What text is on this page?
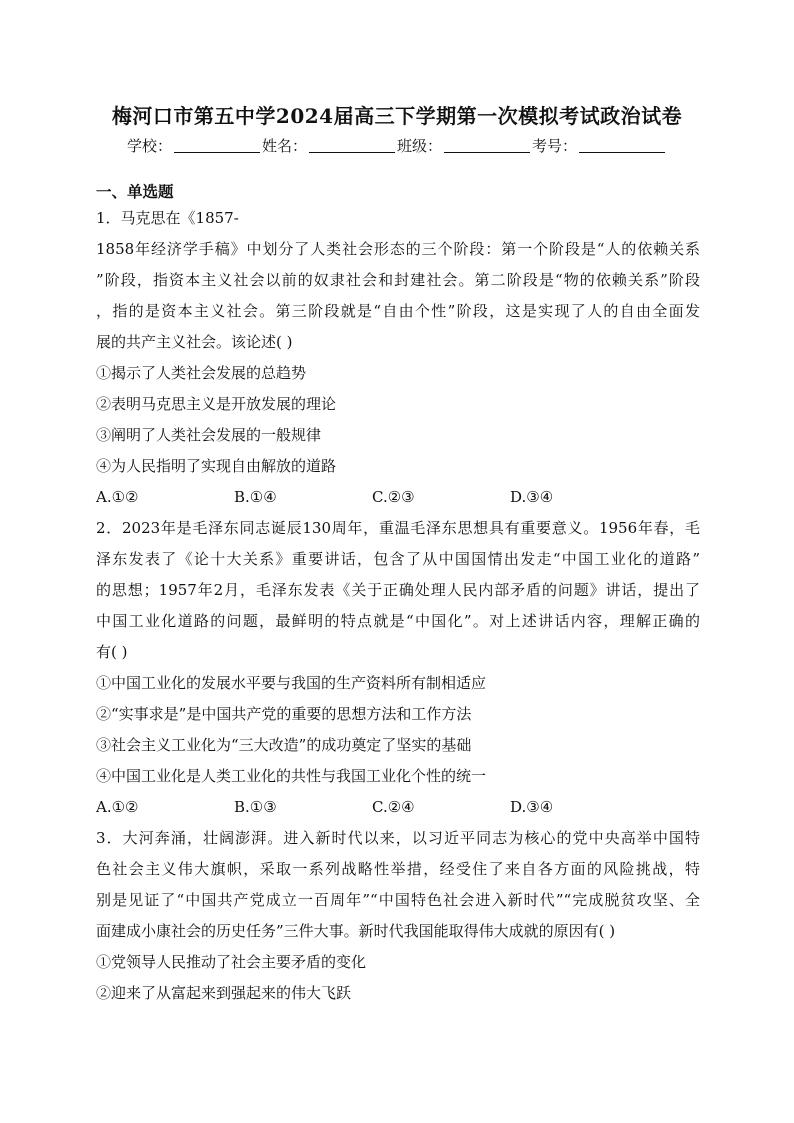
梅河口市第五中学2024届高三下学期第一次模拟考试政治试卷
学校：	姓名：	班级：	考号：
一、单选题
1．马克思在《1857-
1858年经济学手稿》中划分了人类社会形态的三个阶段：第一个阶段是“人的依赖关系
”阶段，指资本主义社会以前的奴隶社会和封建社会。第二阶段是“物的依赖关系”阶段
，指的是资本主义社会。第三阶段就是“自由个性”阶段，这是实现了人的自由全面发
展的共产主义社会。该论述( )
①揭示了人类社会发展的总趋势
②表明马克思主义是开放发展的理论
③阐明了人类社会发展的一般规律
④为人民指明了实现自由解放的道路
A.①②	B.①④	C.②③	D.③④
2．2023年是毛泽东同志诞辰130周年，重温毛泽东思想具有重要意义。1956年春，毛
泽东发表了《论十大关系》重要讲话，包含了从中国国情出发走“中国工业化的道路”
的思想；1957年2月，毛泽东发表《关于正确处理人民内部矛盾的问题》讲话，提出了
中国工业化道路的问题，最鲜明的特点就是“中国化”。对上述讲话内容，理解正确的
有( )
①中国工业化的发展水平要与我国的生产资料所有制相适应
②“实事求是”是中国共产党的重要的思想方法和工作方法
③社会主义工业化为“三大改造”的成功奠定了坚实的基础
④中国工业化是人类工业化的共性与我国工业化个性的统一
A.①②	B.①③	C.②④	D.③④
3．大河奔涌，壮阔澎湃。进入新时代以来，以习近平同志为核心的党中央高举中国特
色社会主义伟大旗帜，采取一系列战略性举措，经受住了来自各方面的风险挑战，特
别是见证了“中国共产党成立一百周年”“中国特色社会进入新时代”“完成脱贫攻坚、全
面建成小康社会的历史任务”三件大事。新时代我国能取得伟大成就的原因有( )
①党领导人民推动了社会主要矛盾的变化
②迎来了从富起来到强起来的伟大飞跃
